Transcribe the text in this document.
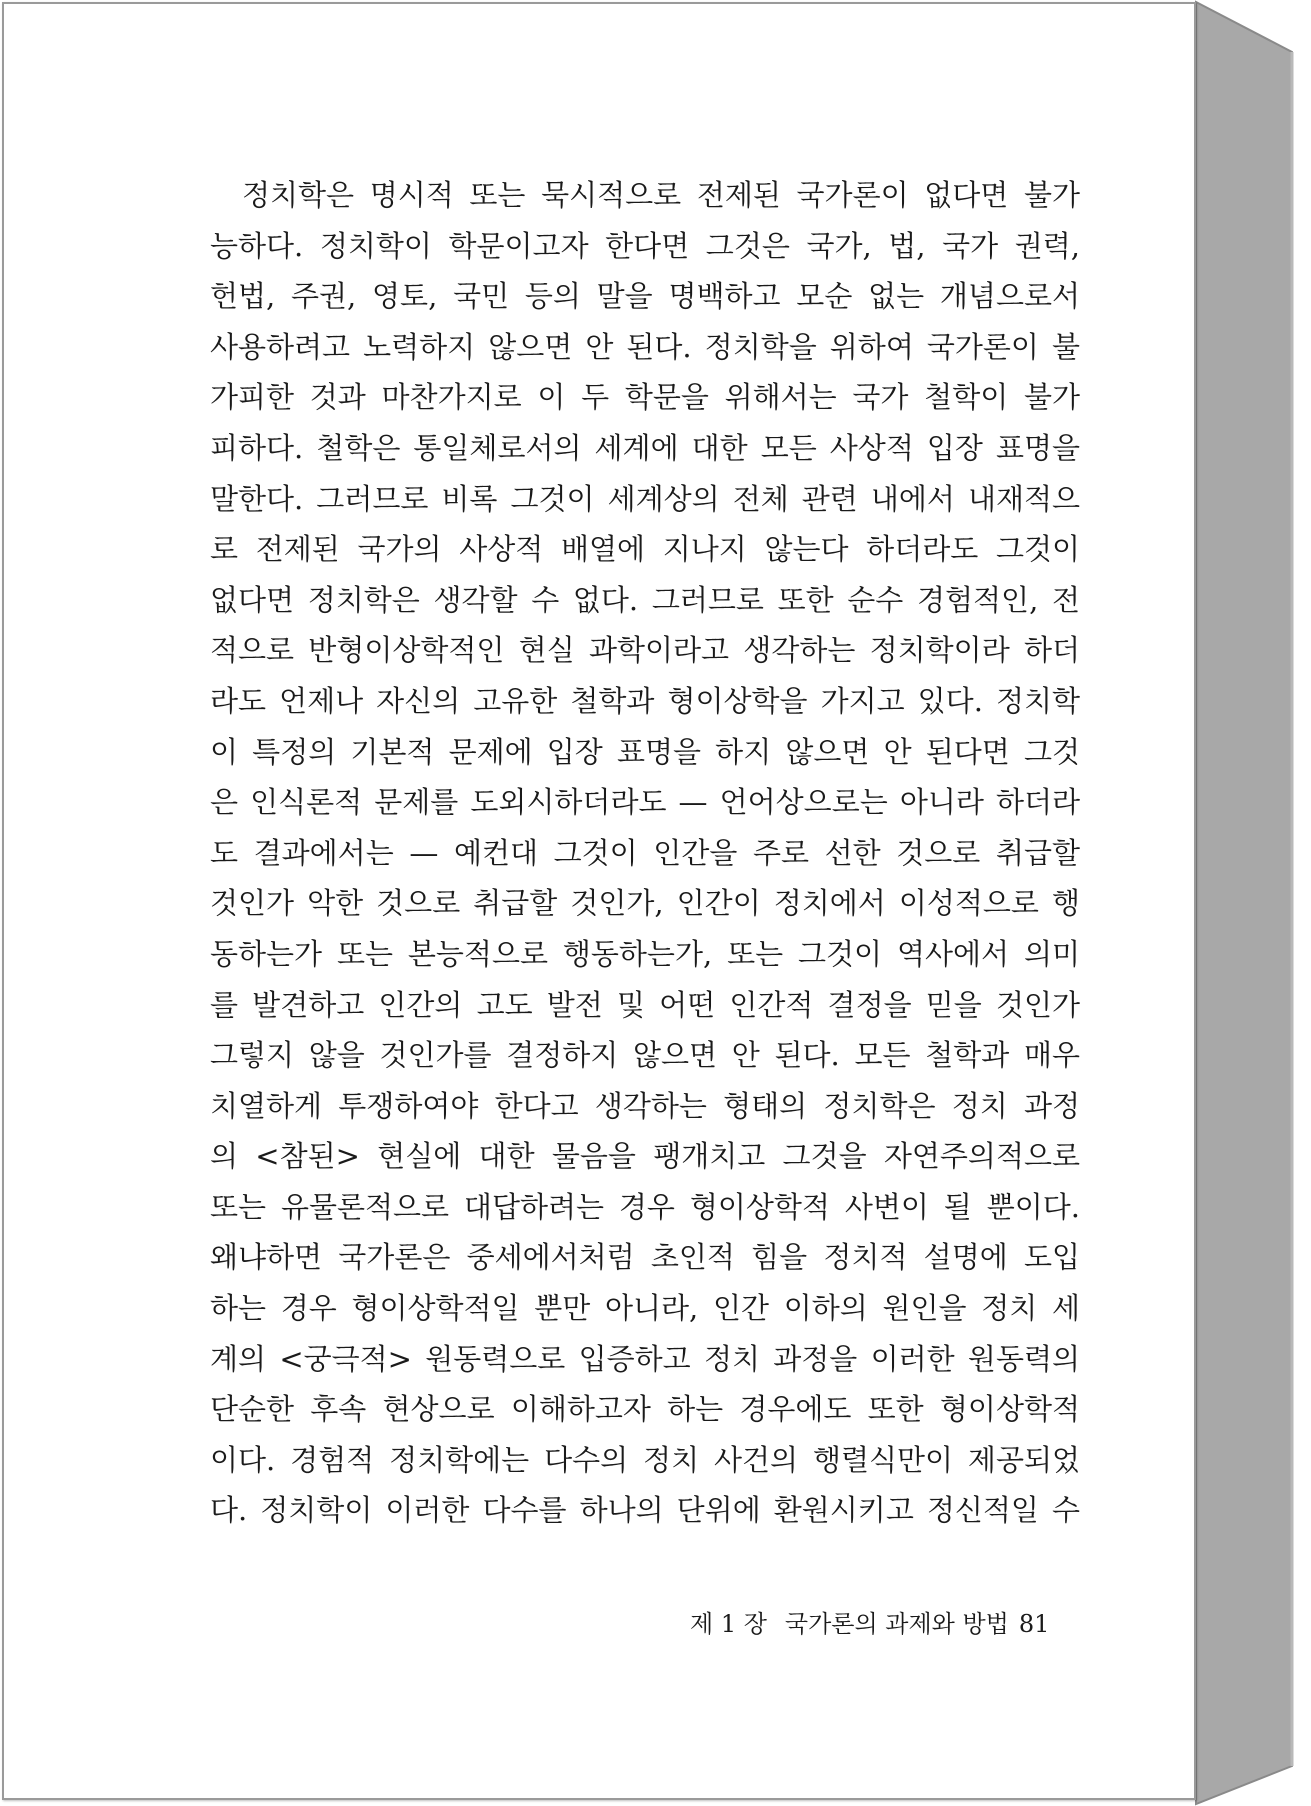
정치학은 명시적 또는 묵시적으로 전제된 국가론이 없다면 불가
능하다. 정치학이 학문이고자 한다면 그것은 국가, 법, 국가 권력,
헌법, 주권, 영토, 국민 등의 말을 명백하고 모순 없는 개념으로서
사용하려고 노력하지 않으면 안 된다. 정치학을 위하여 국가론이 불
가피한 것과 마찬가지로 이 두 학문을 위해서는 국가 철학이 불가
피하다. 철학은 통일체로서의 세계에 대한 모든 사상적 입장 표명을
말한다. 그러므로 비록 그것이 세계상의 전체 관련 내에서 내재적으
로 전제된 국가의 사상적 배열에 지나지 않는다 하더라도 그것이
없다면 정치학은 생각할 수 없다. 그러므로 또한 순수 경험적인, 전
적으로 반형이상학적인 현실 과학이라고 생각하는 정치학이라 하더
라도 언제나 자신의 고유한 철학과 형이상학을 가지고 있다. 정치학
이 특정의 기본적 문제에 입장 표명을 하지 않으면 안 된다면 그것
은 인식론적 문제를 도외시하더라도 — 언어상으로는 아니라 하더라
도 결과에서는 — 예컨대 그것이 인간을 주로 선한 것으로 취급할
것인가 악한 것으로 취급할 것인가, 인간이 정치에서 이성적으로 행
동하는가 또는 본능적으로 행동하는가, 또는 그것이 역사에서 의미
를 발견하고 인간의 고도 발전 및 어떤 인간적 결정을 믿을 것인가
그렇지 않을 것인가를 결정하지 않으면 안 된다. 모든 철학과 매우
치열하게 투쟁하여야 한다고 생각하는 형태의 정치학은 정치 과정
의 <참된> 현실에 대한 물음을 팽개치고 그것을 자연주의적으로
또는 유물론적으로 대답하려는 경우 형이상학적 사변이 될 뿐이다.
왜냐하면 국가론은 중세에서처럼 초인적 힘을 정치적 설명에 도입
하는 경우 형이상학적일 뿐만 아니라, 인간 이하의 원인을 정치 세
계의 <궁극적> 원동력으로 입증하고 정치 과정을 이러한 원동력의
단순한 후속 현상으로 이해하고자 하는 경우에도 또한 형이상학적
이다. 경험적 정치학에는 다수의 정치 사건의 행렬식만이 제공되었
다. 정치학이 이러한 다수를 하나의 단위에 환원시키고 정신적일 수
제 1 장 국가론의 과제와 방법 81
